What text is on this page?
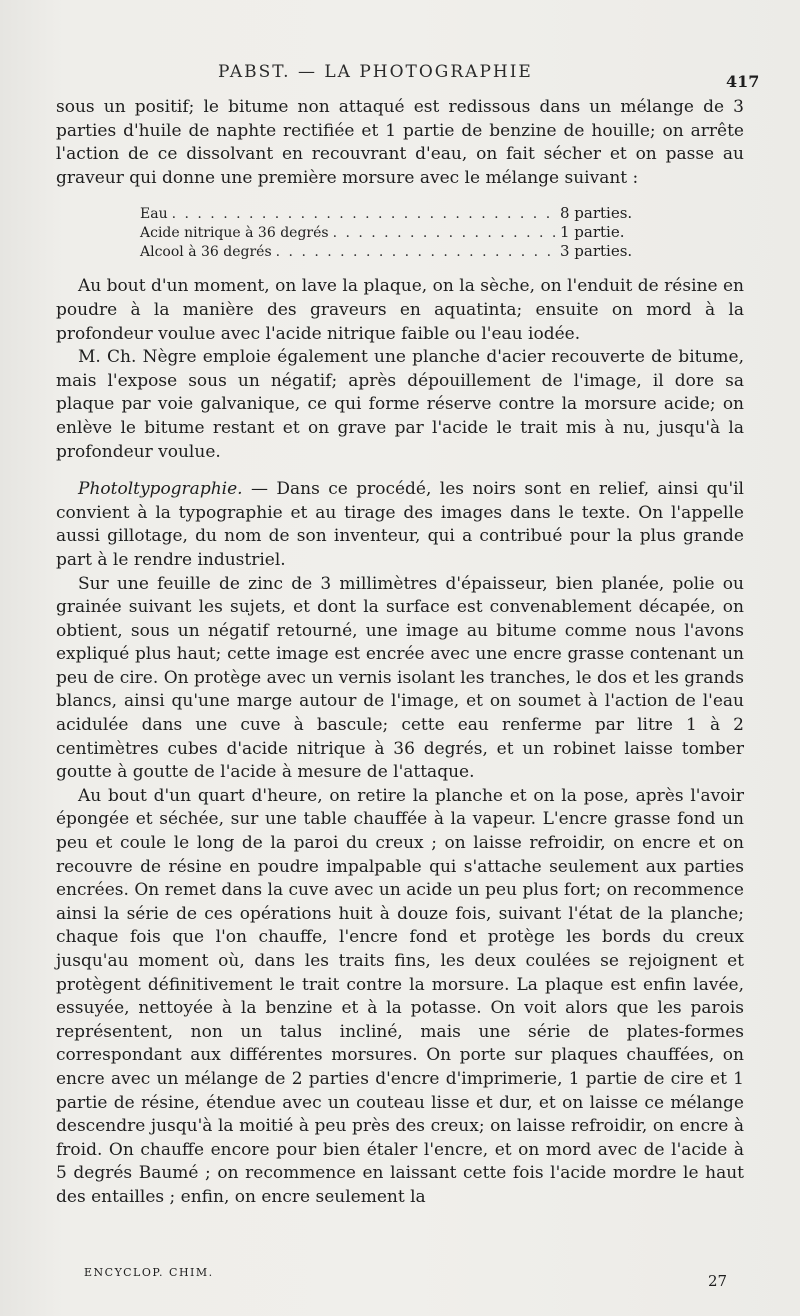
PABST. — LA PHOTOGRAPHIE	417

sous un positif; le bitume non attaqué est redissous dans un mélange de 3 parties d'huile de naphte rectifiée et 1 partie de benzine de houille; on arrête l'action de ce dissolvant en recouvrant d'eau, on fait sécher et on passe au graveur qui donne une première morsure avec le mélange suivant :

Eau . . .	8 parties.
Acide nitrique à 36 degrés . . .	1 partie.
Alcool à 36 degrés . . .	3 parties.

Au bout d'un moment, on lave la plaque, on la sèche, on l'enduit de résine en poudre à la manière des graveurs en aquatinta; ensuite on mord à la profondeur voulue avec l'acide nitrique faible ou l'eau iodée.

M. Ch. Nègre emploie également une planche d'acier recouverte de bitume, mais l'expose sous un négatif; après dépouillement de l'image, il dore sa plaque par voie galvanique, ce qui forme réserve contre la morsure acide; on enlève le bitume restant et on grave par l'acide le trait mis à nu, jusqu'à la profondeur voulue.

Photoltypographie. — Dans ce procédé, les noirs sont en relief, ainsi qu'il convient à la typographie et au tirage des images dans le texte. On l'appelle aussi gillotage, du nom de son inventeur, qui a contribué pour la plus grande part à le rendre industriel.

Sur une feuille de zinc de 3 millimètres d'épaisseur, bien planée, polie ou grainée suivant les sujets, et dont la surface est convenablement décapée, on obtient, sous un négatif retourné, une image au bitume comme nous l'avons expliqué plus haut; cette image est encrée avec une encre grasse contenant un peu de cire. On protège avec un vernis isolant les tranches, le dos et les grands blancs, ainsi qu'une marge autour de l'image, et on soumet à l'action de l'eau acidulée dans une cuve à bascule; cette eau renferme par litre 1 à 2 centimètres cubes d'acide nitrique à 36 degrés, et un robinet laisse tomber goutte à goutte de l'acide à mesure de l'attaque.

Au bout d'un quart d'heure, on retire la planche et on la pose, après l'avoir épongée et séchée, sur une table chauffée à la vapeur. L'encre grasse fond un peu et coule le long de la paroi du creux ; on laisse refroidir, on encre et on recouvre de résine en poudre impalpable qui s'attache seulement aux parties encrées. On remet dans la cuve avec un acide un peu plus fort; on recommence ainsi la série de ces opérations huit à douze fois, suivant l'état de la planche; chaque fois que l'on chauffe, l'encre fond et protège les bords du creux jusqu'au moment où, dans les traits fins, les deux coulées se rejoignent et protègent définitivement le trait contre la morsure. La plaque est enfin lavée, essuyée, nettoyée à la benzine et à la potasse. On voit alors que les parois représentent, non un talus incliné, mais une série de plates-formes correspondant aux différentes morsures. On porte sur plaques chauffées, on encre avec un mélange de 2 parties d'encre d'imprimerie, 1 partie de cire et 1 partie de résine, étendue avec un couteau lisse et dur, et on laisse ce mélange descendre jusqu'à la moitié à peu près des creux; on laisse refroidir, on encre à froid. On chauffe encore pour bien étaler l'encre, et on mord avec de l'acide à 5 degrés Baumé ; on recommence en laissant cette fois l'acide mordre le haut des entailles ; enfin, on encre seulement la

ENCYCLOP. CHIM.	27
